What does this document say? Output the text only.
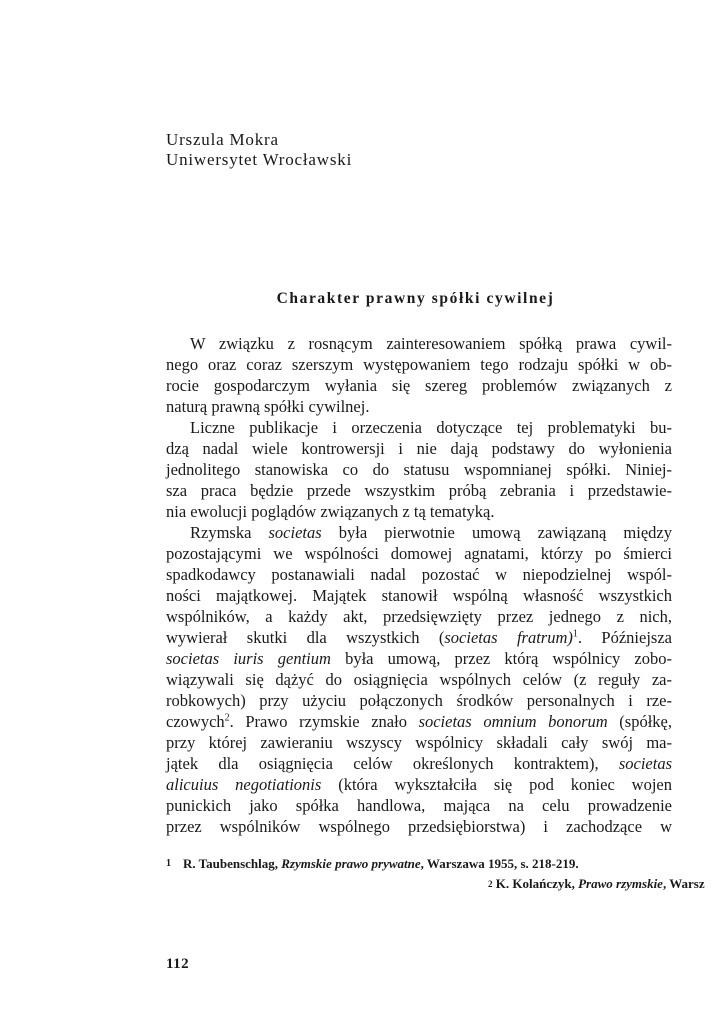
Urszula Mokra
Uniwersytet Wrocławski
Charakter prawny spółki cywilnej
W związku z rosnącym zainteresowaniem spółką prawa cywil-
nego oraz coraz szerszym występowaniem tego rodzaju spółki w ob-
rocie gospodarczym wyłania się szereg problemów związanych z
naturą prawną spółki cywilnej.
Liczne publikacje i orzeczenia dotyczące tej problematyki bu-
dzą nadal wiele kontrowersji i nie dają podstawy do wyłonienia
jednolitego stanowiska co do statusu wspomnianej spółki. Niniej-
sza praca będzie przede wszystkim próbą zebrania i przedstawie-
nia ewolucji poglądów związanych z tą tematyką.
Rzymska societas była pierwotnie umową zawiązaną między
pozostającymi we wspólności domowej agnatami, którzy po śmierci
spadkodawcy postanawiali nadal pozostać w niepodzielnej wspól-
ności majątkowej. Majątek stanowił wspólną własność wszystkich
wspólników, a każdy akt, przedsięwzięty przez jednego z nich,
wywierał skutki dla wszystkich (societas fratrum)$^1$. Późniejsza
societas iuris gentium była umową, przez którą wspólnicy zobo-
wiązywali się dążyć do osiągnięcia wspólnych celów (z reguły za-
robkowych) przy użyciu połączonych środków personalnych i rze-
czowych$^2$. Prawo rzymskie znało societas omnium bonorum (spółkę,
przy której zawieraniu wszyscy wspólnicy składali cały swój ma-
jątek dla osiągnięcia celów określonych kontraktem), societas
alicuius negotiationis (która wykształciła się pod koniec wojen
punickich jako spółka handlowa, mająca na celu prowadzenie
przez wspólników wspólnego przedsiębiorstwa) i zachodzące w
$^1$ R. Taubenschlag, Rzymskie prawo prywatne, Warszawa 1955, s. 218-219.
$^2$ K. Kolańczyk, Prawo rzymskie, Warsz
112
